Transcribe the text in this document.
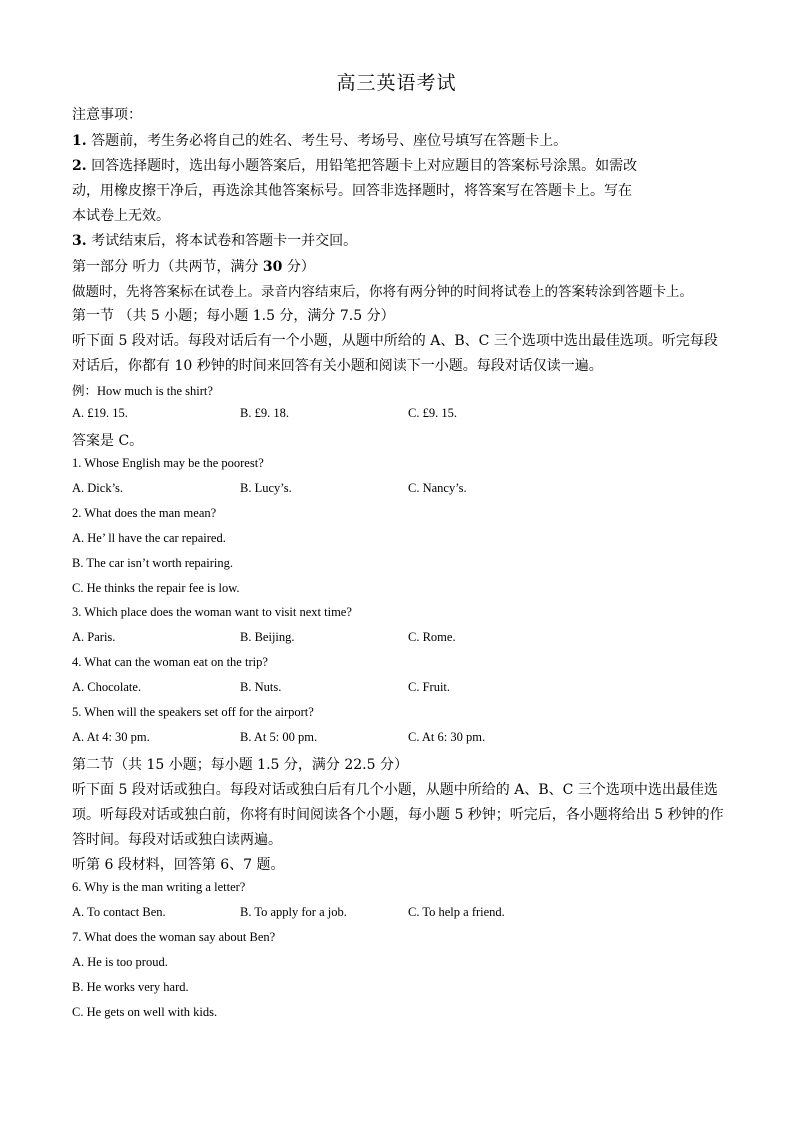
高三英语考试
注意事项：
1. 答题前，考生务必将自己的姓名、考生号、考场号、座位号填写在答题卡上。
2. 回答选择题时，选出每小题答案后，用铅笔把答题卡上对应题目的答案标号涂黑。如需改
动，用橡皮擦干净后，再选涂其他答案标号。回答非选择题时，将答案写在答题卡上。写在
本试卷上无效。
3. 考试结束后，将本试卷和答题卡一并交回。
第一部分 听力（共两节，满分 30 分）
做题时，先将答案标在试卷上。录音内容结束后，你将有两分钟的时间将试卷上的答案转涂到答题卡上。
第一节 （共 5 小题；每小题 1.5 分，满分 7.5 分）
听下面 5 段对话。每段对话后有一个小题，从题中所给的 A、B、C 三个选项中选出最佳选项。听完每段
对话后，你都有 10 秒钟的时间来回答有关小题和阅读下一小题。每段对话仅读一遍。
例：How much is the shirt?
A. £19. 15.	B. £9. 18.	C. £9. 15.
答案是 C。
1. Whose English may be the poorest?
A. Dick’s.	B. Lucy’s.	C. Nancy’s.
2. What does the man mean?
A. He’ ll have the car repaired.
B. The car isn’t worth repairing.
C. He thinks the repair fee is low.
3. Which place does the woman want to visit next time?
A. Paris.	B. Beijing.	C. Rome.
4. What can the woman eat on the trip?
A. Chocolate.	B. Nuts.	C. Fruit.
5. When will the speakers set off for the airport?
A. At 4: 30 pm.	B. At 5: 00 pm.	C. At 6: 30 pm.
第二节（共 15 小题；每小题 1.5 分，满分 22.5 分）
听下面 5 段对话或独白。每段对话或独白后有几个小题，从题中所给的 A、B、C 三个选项中选出最佳选
项。听每段对话或独白前，你将有时间阅读各个小题，每小题 5 秒钟；听完后，各小题将给出 5 秒钟的作
答时间。每段对话或独白读两遍。
听第 6 段材料，回答第 6、7 题。
6. Why is the man writing a letter?
A. To contact Ben.	B. To apply for a job.	C. To help a friend.
7. What does the woman say about Ben?
A. He is too proud.
B. He works very hard.
C. He gets on well with kids.
